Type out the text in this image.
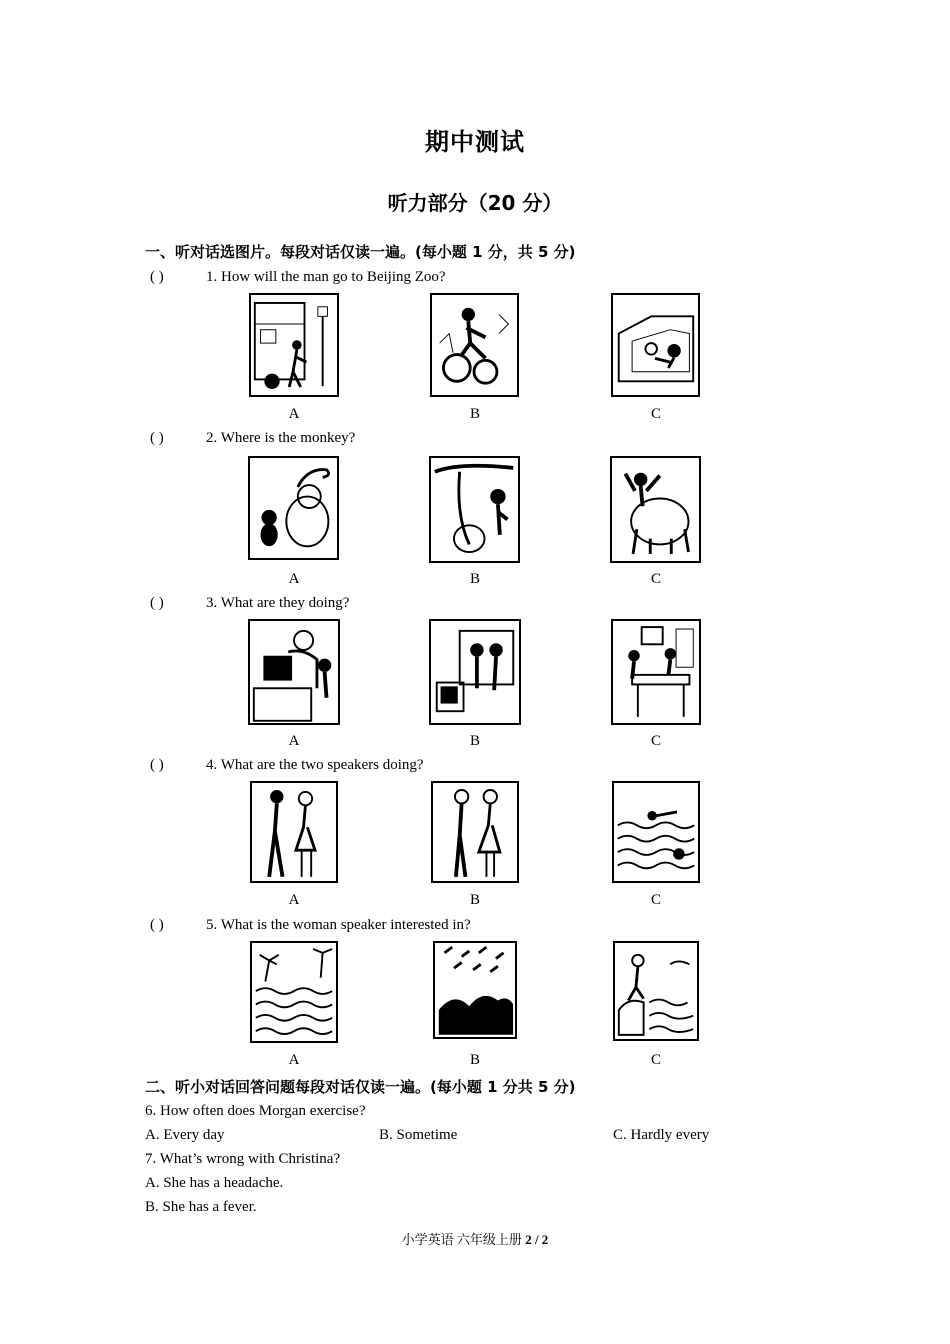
期中测试
听力部分（20 分）
一、听对话选图片。每段对话仅读一遍。(每小题 1 分，共 5 分)
( )	1. How will the man go to Beijing Zoo?
A	B	C
( )	2. Where is the monkey?
A	B	C
( )	3. What are they doing?
A	B	C
( )	4. What are the two speakers doing?
A	B	C
( )	5. What is the woman speaker interested in?
A	B	C
二、听小对话回答问题每段对话仅读一遍。(每小题 1 分共 5 分)
6. How often does Morgan exercise?
A. Every day	B. Sometime	C. Hardly every
7. What’s wrong with Christina?
A. She has a headache.
B. She has a fever.
小学英语 六年级上册 2 / 2
